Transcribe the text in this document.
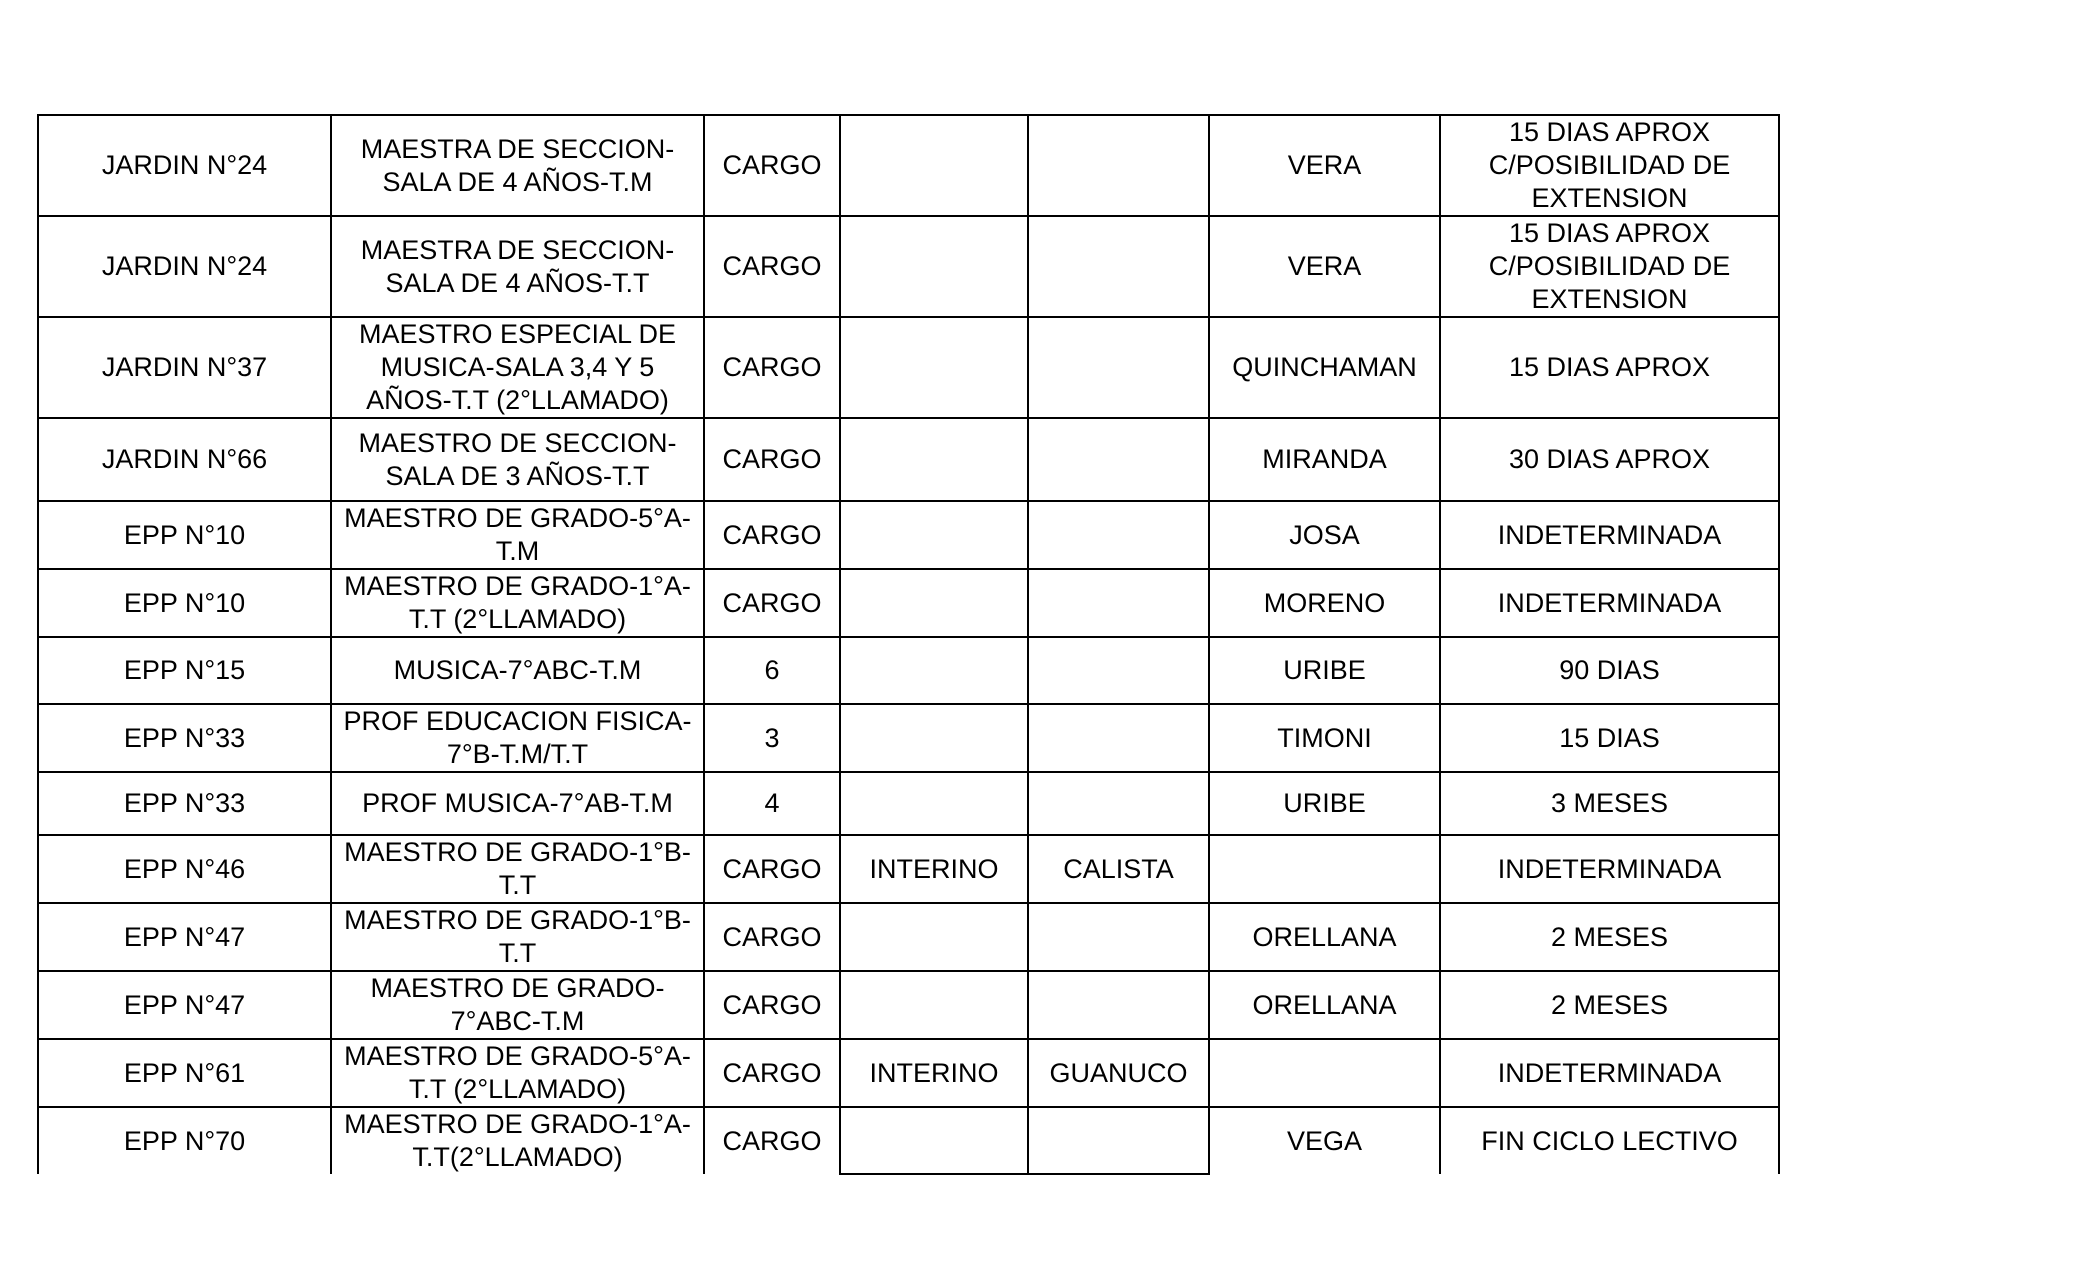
JARDIN N°24	MAESTRA DE SECCION-SALA DE 4 AÑOS-T.M	CARGO			VERA	15 DIAS APROX C/POSIBILIDAD DE EXTENSION
JARDIN N°24	MAESTRA DE SECCION-SALA DE 4 AÑOS-T.T	CARGO			VERA	15 DIAS APROX C/POSIBILIDAD DE EXTENSION
JARDIN N°37	MAESTRO ESPECIAL DE MUSICA-SALA 3,4 Y 5 AÑOS-T.T (2°LLAMADO)	CARGO			QUINCHAMAN	15 DIAS APROX
JARDIN N°66	MAESTRO DE SECCION-SALA DE 3 AÑOS-T.T	CARGO			MIRANDA	30 DIAS APROX
EPP N°10	MAESTRO DE GRADO-5°A-T.M	CARGO			JOSA	INDETERMINADA
EPP N°10	MAESTRO DE GRADO-1°A-T.T (2°LLAMADO)	CARGO			MORENO	INDETERMINADA
EPP N°15	MUSICA-7°ABC-T.M	6			URIBE	90 DIAS
EPP N°33	PROF EDUCACION FISICA-7°B-T.M/T.T	3			TIMONI	15 DIAS
EPP N°33	PROF MUSICA-7°AB-T.M	4			URIBE	3 MESES
EPP N°46	MAESTRO DE GRADO-1°B-T.T	CARGO	INTERINO	CALISTA		INDETERMINADA
EPP N°47	MAESTRO DE GRADO-1°B-T.T	CARGO			ORELLANA	2 MESES
EPP N°47	MAESTRO DE GRADO-7°ABC-T.M	CARGO			ORELLANA	2 MESES
EPP N°61	MAESTRO DE GRADO-5°A-T.T (2°LLAMADO)	CARGO	INTERINO	GUANUCO		INDETERMINADA
EPP N°70	MAESTRO DE GRADO-1°A-T.T(2°LLAMADO)	CARGO			VEGA	FIN CICLO LECTIVO
